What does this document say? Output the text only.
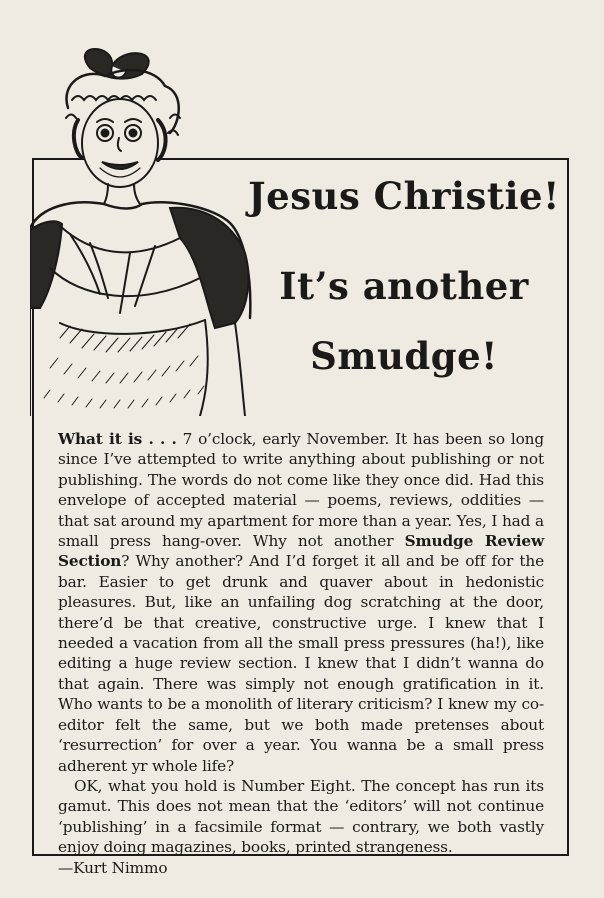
Jesus Christie!
It’s another
Smudge!

What it is . . . 7 o’clock, early November. It has been so long since I’ve attempted to write anything about publishing or not publishing. The words do not come like they once did. Had this envelope of accepted material — poems, reviews, oddities — that sat around my apartment for more than a year. Yes, I had a small press hang-over. Why not another Smudge Review Section? Why another? And I’d forget it all and be off for the bar. Easier to get drunk and quaver about in hedonistic pleasures. But, like an unfailing dog scratching at the door, there’d be that creative, constructive urge. I knew that I needed a vacation from all the small press pressures (ha!), like editing a huge review section. I knew that I didn’t wanna do that again. There was simply not enough gratification in it. Who wants to be a monolith of literary criticism? I knew my co-editor felt the same, but we both made pretenses about ‘resurrection’ for over a year. You wanna be a small press adherent yr whole life?

OK, what you hold is Number Eight. The concept has run its gamut. This does not mean that the ‘editors’ will not continue ‘publishing’ in a facsimile format — contrary, we both vastly enjoy doing magazines, books, printed strangeness.

—Kurt Nimmo
